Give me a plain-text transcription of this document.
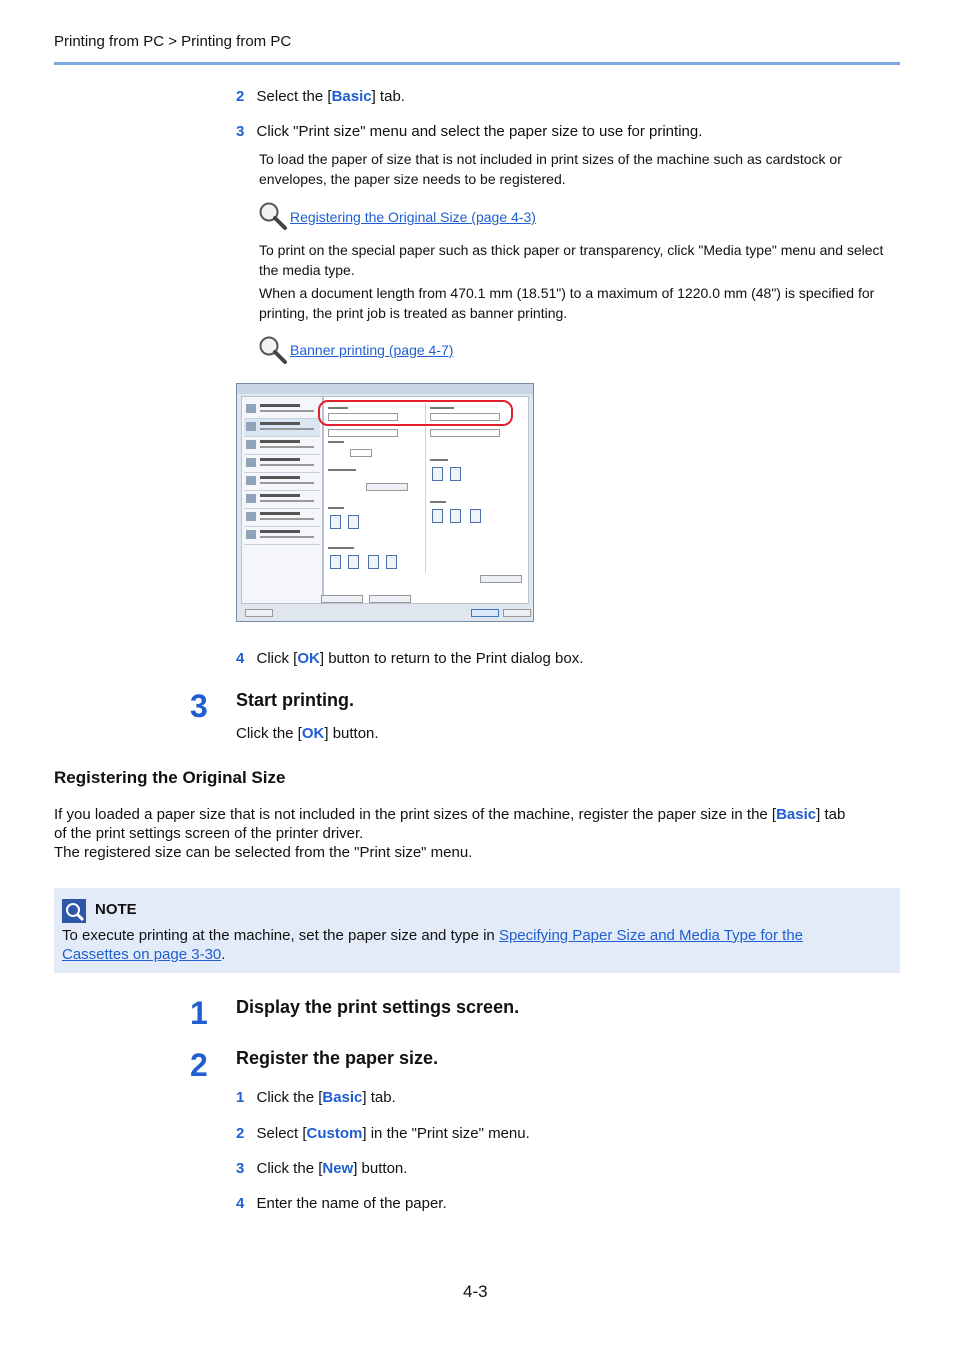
Printing from PC > Printing from PC
2 Select the [Basic] tab.
3 Click "Print size" menu and select the paper size to use for printing.
To load the paper of size that is not included in print sizes of the machine such as cardstock or envelopes, the paper size needs to be registered.
Registering the Original Size (page 4-3)
To print on the special paper such as thick paper or transparency, click "Media type" menu and select the media type.
When a document length from 470.1 mm (18.51") to a maximum of 1220.0 mm (48") is specified for printing, the print job is treated as banner printing.
Banner printing (page 4-7)
4 Click [OK] button to return to the Print dialog box.
3 Start printing.
Click the [OK] button.
Registering the Original Size
If you loaded a paper size that is not included in the print sizes of the machine, register the paper size in the [Basic] tab
of the print settings screen of the printer driver.
The registered size can be selected from the "Print size" menu.
NOTE
To execute printing at the machine, set the paper size and type in Specifying Paper Size and Media Type for the
Cassettes on page 3-30.
1 Display the print settings screen.
2 Register the paper size.
1 Click the [Basic] tab.
2 Select [Custom] in the "Print size" menu.
3 Click the [New] button.
4 Enter the name of the paper.
4-3
